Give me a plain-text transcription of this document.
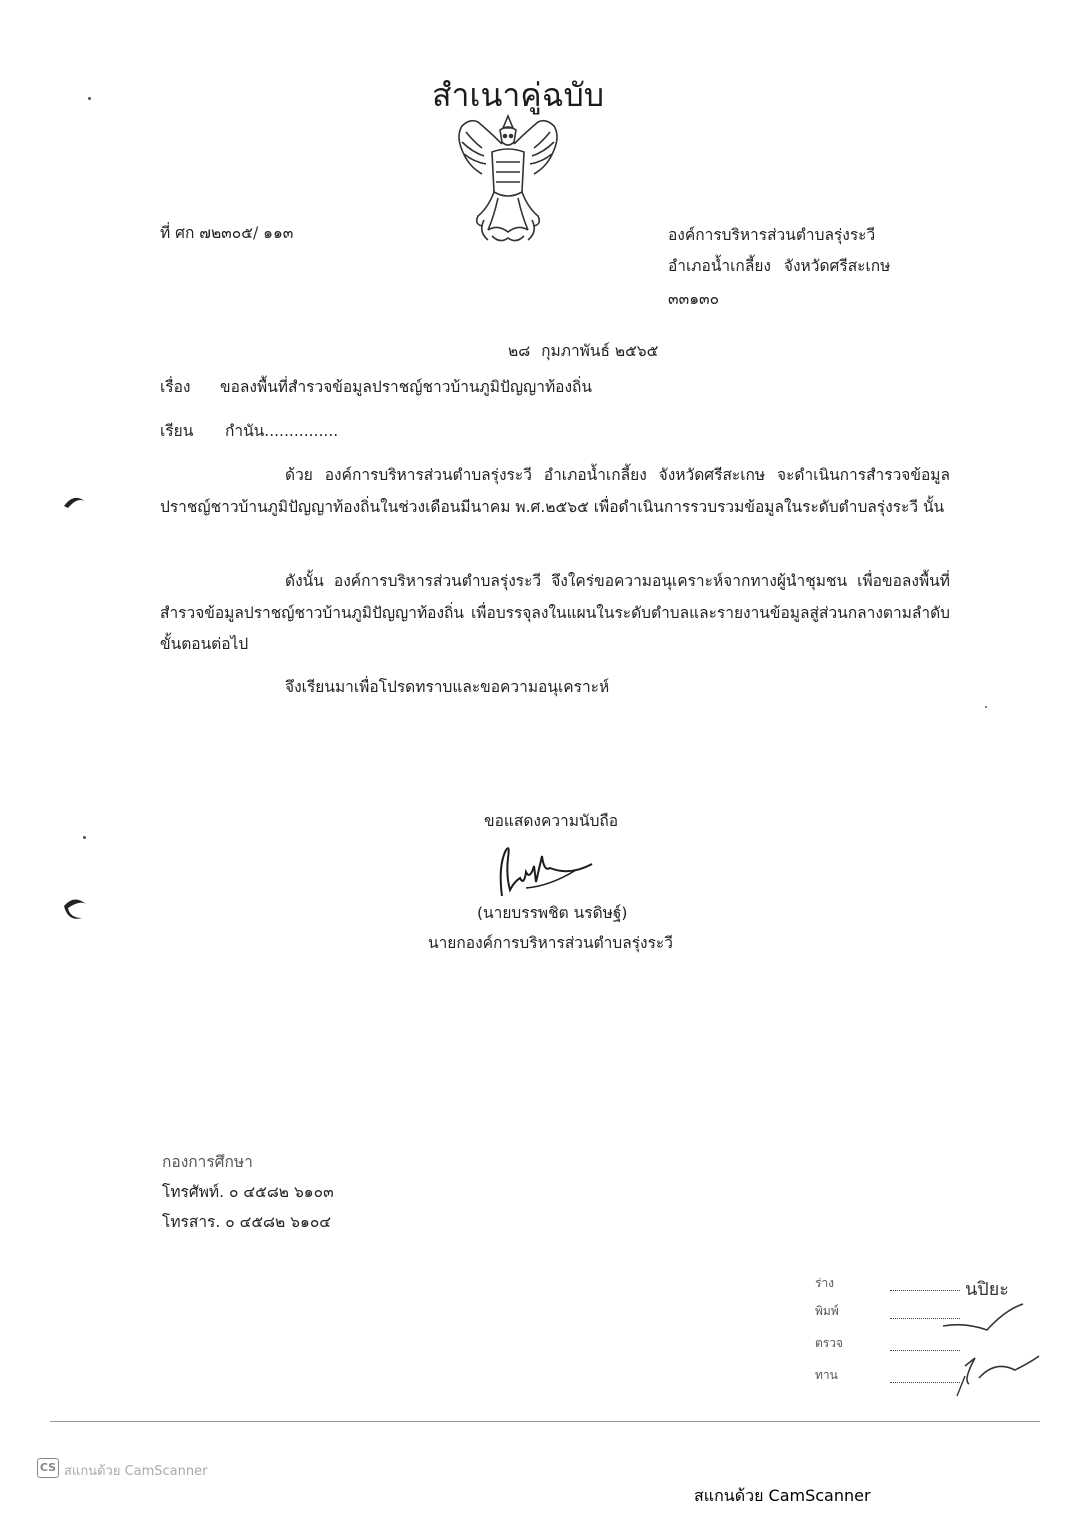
สำเนาคู่ฉบับ
ที่ ศก ๗๒๓๐๕/ ๑๑๓	องค์การบริหารส่วนตำบลรุ่งระวี
อำเภอน้ำเกลี้ยง จังหวัดศรีสะเกษ
๓๓๑๓๐
๒๘ กุมภาพันธ์ ๒๕๖๕
เรื่อง ขอลงพื้นที่สำรวจข้อมูลปราชญ์ชาวบ้านภูมิปัญญาท้องถิ่น
เรียน กำนัน...............
ด้วย องค์การบริหารส่วนตำบลรุ่งระวี อำเภอน้ำเกลี้ยง จังหวัดศรีสะเกษ จะดำเนินการสำรวจข้อมูลปราชญ์ชาวบ้านภูมิปัญญาท้องถิ่นในช่วงเดือนมีนาคม พ.ศ.๒๕๖๕ เพื่อดำเนินการรวบรวมข้อมูลในระดับตำบลรุ่งระวี นั้น
ดังนั้น องค์การบริหารส่วนตำบลรุ่งระวี จึงใคร่ขอความอนุเคราะห์จากทางผู้นำชุมชน เพื่อขอลงพื้นที่สำรวจข้อมูลปราชญ์ชาวบ้านภูมิปัญญาท้องถิ่น เพื่อบรรจุลงในแผนในระดับตำบลและรายงานข้อมูลสู่ส่วนกลางตามลำดับขั้นตอนต่อไป
จึงเรียนมาเพื่อโปรดทราบและขอความอนุเคราะห์
ขอแสดงความนับถือ
(นายบรรพชิต นรดิษฐ์)
นายกองค์การบริหารส่วนตำบลรุ่งระวี
กองการศึกษา
โทรศัพท์. ๐ ๔๕๘๒ ๖๑๐๓
โทรสาร. ๐ ๔๕๘๒ ๖๑๐๔
ร่าง
พิมพ์
ตรวจ
ทาน
นปิยะ
CS สแกนด้วย CamScanner
สแกนด้วย CamScanner
